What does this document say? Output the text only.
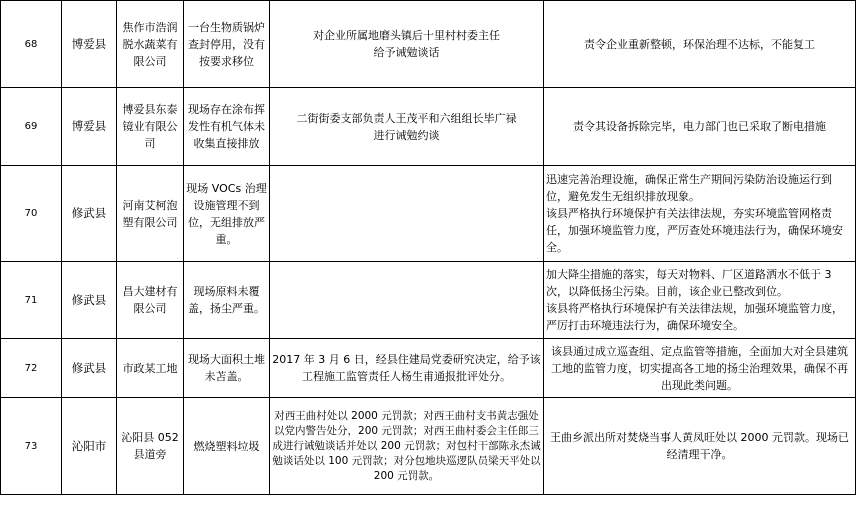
68	博爱县	焦作市浩润脱水蔬菜有限公司	一台生物质锅炉查封停用，没有按要求移位	对企业所属地磨头镇后十里村村委主任给予诫勉谈话	责令企业重新整顿，环保治理不达标，不能复工

69	博爱县	博爱县东泰镜业有限公司	现场存在涂布挥发性有机气体未收集直接排放	二街街委支部负责人王茂平和六组组长毕广禄进行诫勉约谈	责令其设备拆除完毕，电力部门也已采取了断电措施

70	修武县	河南艾柯泡塑有限公司	现场 VOCs 治理设施管理不到位，无组排放严重。		迅速完善治理设施，确保正常生产期间污染防治设施运行到位，避免发生无组织排放现象。
该县严格执行环境保护有关法律法规，夯实环境监管网格责任，加强环境监管力度，严厉查处环境违法行为，确保环境安全。

71	修武县	昌大建材有限公司	现场原料未覆盖，扬尘严重。		加大降尘措施的落实，每天对物料、厂区道路洒水不低于 3 次，以降低扬尘污染。目前，该企业已整改到位。
该县将严格执行环境保护有关法律法规，加强环境监管力度，严厉打击环境违法行为，确保环境安全。

72	修武县	市政某工地	现场大面积土堆未苫盖。	2017 年 3 月 6 日，经县住建局党委研究决定，给予该工程施工监管责任人杨生甫通报批评处分。	该县通过成立巡查组、定点监管等措施，全面加大对全县建筑工地的监管力度，切实提高各工地的扬尘治理效果，确保不再出现此类问题。

73	沁阳市	沁阳县 052 县道旁	燃烧塑料垃圾	对西王曲村处以 2000 元罚款；对西王曲村支书黄志强处以党内警告处分，200 元罚款；对西王曲村委会主任郎三成进行诫勉谈话并处以 200 元罚款；对包村干部陈永杰诫勉谈话处以 100 元罚款；对分包地块巡逻队员梁天平处以 200 元罚款。	王曲乡派出所对焚烧当事人黄凤旺处以 2000 元罚款。现场已经清理干净。
